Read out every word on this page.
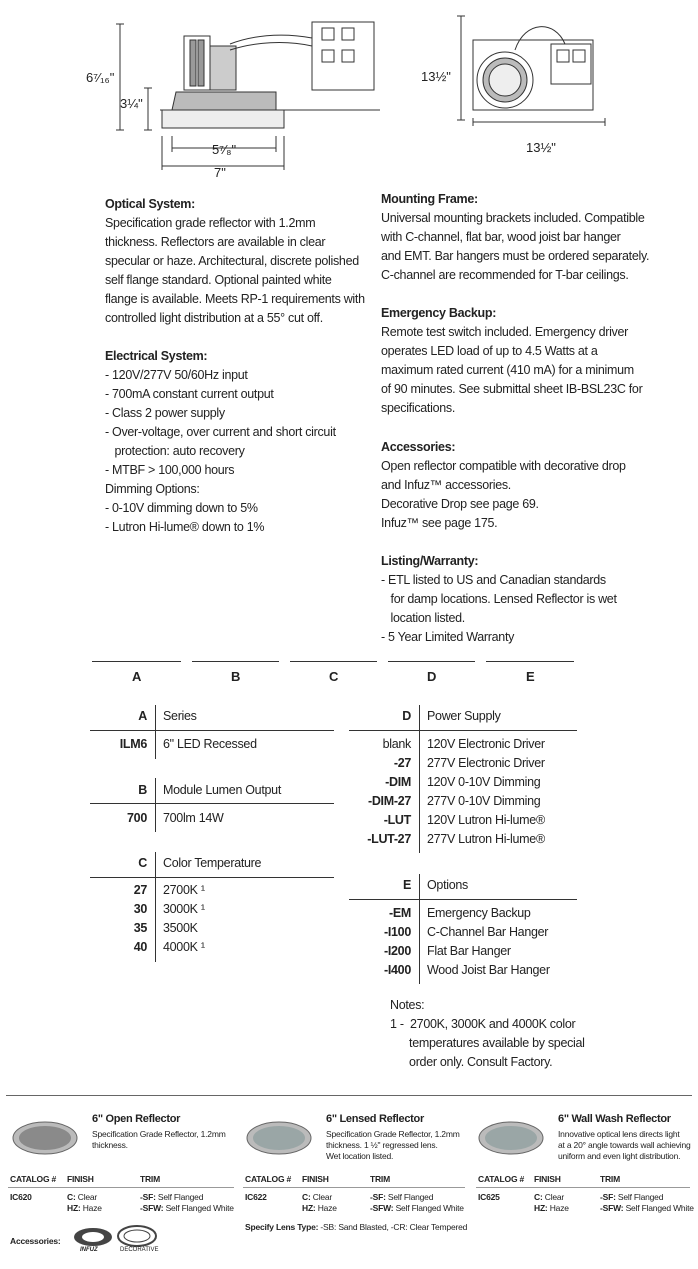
6⁷⁄₁₆"
3¼"
5⁷⁄₈"
7"
13½"
13½"
Optical System:
Specification grade reflector with 1.2mm
thickness. Reflectors are available in clear
specular or haze. Architectural, discrete polished
self flange standard. Optional painted white
flange is available. Meets RP-1 requirements with
controlled light distribution at a 55° cut off.
Electrical System:
- 120V/277V 50/60Hz input
- 700mA constant current output
- Class 2 power supply
- Over-voltage, over current and short circuit
protection: auto recovery
- MTBF > 100,000 hours
Dimming Options:
- 0-10V dimming down to 5%
- Lutron Hi-lume® down to 1%
Mounting Frame:
Universal mounting brackets included. Compatible
with C-channel, flat bar, wood joist bar hanger
and EMT. Bar hangers must be ordered separately.
C-channel are recommended for T-bar ceilings.
Emergency Backup:
Remote test switch included. Emergency driver
operates LED load of up to 4.5 Watts at a
maximum rated current (410 mA) for a minimum
of 90 minutes. See submittal sheet IB-BSL23C for
specifications.
Accessories:
Open reflector compatible with decorative drop
and Infuz™ accessories.
Decorative Drop see page 69.
Infuz™ see page 175.
Listing/Warranty:
- ETL listed to US and Canadian standards
for damp locations. Lensed Reflector is wet
location listed.
- 5 Year Limited Warranty
A	B	C	D	E
A Series
ILM6 6" LED Recessed
B Module Lumen Output
700 700lm 14W
C Color Temperature
27 2700K ¹
30 3000K ¹
35 3500K
40 4000K ¹
D Power Supply
blank 120V Electronic Driver
-27 277V Electronic Driver
-DIM 120V 0-10V Dimming
-DIM-27 277V 0-10V Dimming
-LUT 120V Lutron Hi-lume®
-LUT-27 277V Lutron Hi-lume®
E Options
-EM Emergency Backup
-I100 C-Channel Bar Hanger
-I200 Flat Bar Hanger
-I400 Wood Joist Bar Hanger
Notes:
1 -  2700K, 3000K and 4000K color
temperatures available by special
order only. Consult Factory.
6" Open Reflector
Specification Grade Reflector, 1.2mm
thickness.
6" Lensed Reflector
Specification Grade Reflector, 1.2mm
thickness. 1 ½" regressed lens.
Wet location listed.
6" Wall Wash Reflector
Innovative optical lens directs light
at a 20° angle towards wall achieving
uniform and even light distribution.
CATALOG # FINISH	TRIM	CATALOG # FINISH	TRIM	CATALOG # FINISH	TRIM
IC620	C: Clear
HZ: Haze
-SF: Self Flanged
-SFW: Self Flanged White
IC622	C: Clear
HZ: Haze
-SF: Self Flanged
-SFW: Self Flanged White
IC625	C: Clear
HZ: Haze
-SF: Self Flanged
-SFW: Self Flanged White
Specify Lens Type: -SB: Sand Blasted, -CR: Clear Tempered
Accessories:
INFUZ	DECORATIVE
